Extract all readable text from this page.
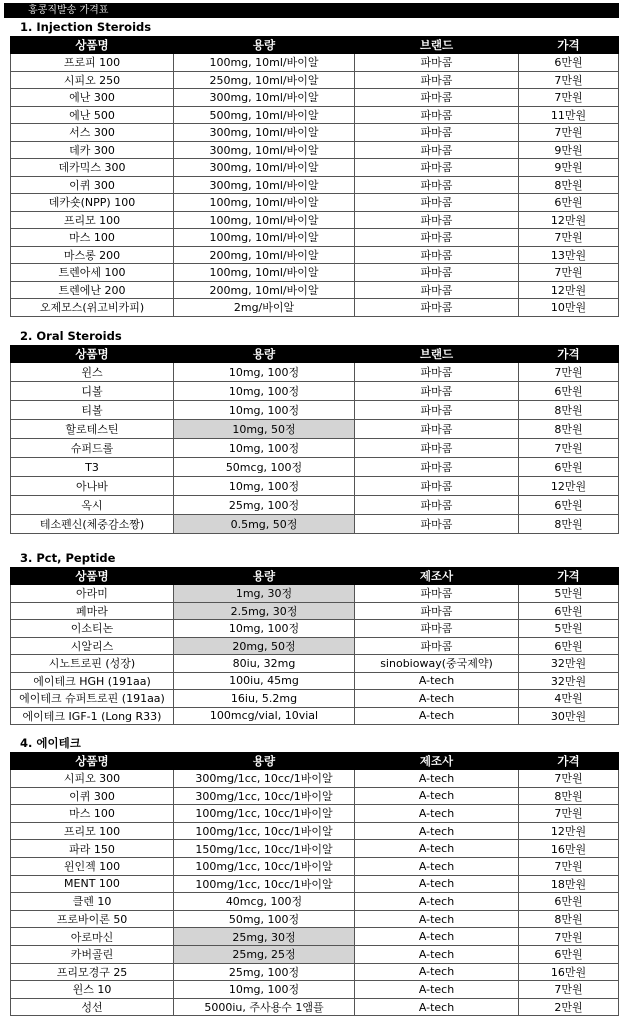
홍콩직발송 가격표
1. Injection Steroids
상품명	용량	브랜드	가격
프로피 100	100mg, 10ml/바이알	파마콤	6만원
시피오 250	250mg, 10ml/바이알	파마콤	7만원
에난 300	300mg, 10ml/바이알	파마콤	7만원
에난 500	500mg, 10ml/바이알	파마콤	11만원
서스 300	300mg, 10ml/바이알	파마콤	7만원
데카 300	300mg, 10ml/바이알	파마콤	9만원
데카믹스 300	300mg, 10ml/바이알	파마콤	9만원
이퀴 300	300mg, 10ml/바이알	파마콤	8만원
데카숏(NPP) 100	100mg, 10ml/바이알	파마콤	6만원
프리모 100	100mg, 10ml/바이알	파마콤	12만원
마스 100	100mg, 10ml/바이알	파마콤	7만원
마스롱 200	200mg, 10ml/바이알	파마콤	13만원
트렌아세 100	100mg, 10ml/바이알	파마콤	7만원
트렌에난 200	200mg, 10ml/바이알	파마콤	12만원
오제모스(위고비카피)	2mg/바이알	파마콤	10만원
2. Oral Steroids
상품명	용량	브랜드	가격
윈스	10mg, 100정	파마콤	7만원
디볼	10mg, 100정	파마콤	6만원
티볼	10mg, 100정	파마콤	8만원
할로테스틴	10mg, 50정	파마콤	8만원
슈퍼드롤	10mg, 100정	파마콤	7만원
T3	50mcg, 100정	파마콤	6만원
아나바	10mg, 100정	파마콤	12만원
옥시	25mg, 100정	파마콤	6만원
테소펜신(체중감소짱)	0.5mg, 50정	파마콤	8만원
3. Pct, Peptide
상품명	용량	제조사	가격
아라미	1mg, 30정	파마콤	5만원
페마라	2.5mg, 30정	파마콤	6만원
이소티논	10mg, 100정	파마콤	5만원
시알리스	20mg, 50정	파마콤	6만원
시노트로핀 (성장)	80iu, 32mg	sinobioway(중국제약)	32만원
에이테크 HGH (191aa)	100iu, 45mg	A-tech	32만원
에이테크 슈퍼트로핀 (191aa)	16iu, 5.2mg	A-tech	4만원
에이테크 IGF-1 (Long R33)	100mcg/vial, 10vial	A-tech	30만원
4. 에이테크
상품명	용량	제조사	가격
시피오 300	300mg/1cc, 10cc/1바이알	A-tech	7만원
이퀴 300	300mg/1cc, 10cc/1바이알	A-tech	8만원
마스 100	100mg/1cc, 10cc/1바이알	A-tech	7만원
프리모 100	100mg/1cc, 10cc/1바이알	A-tech	12만원
파라 150	150mg/1cc, 10cc/1바이알	A-tech	16만원
윈인젝 100	100mg/1cc, 10cc/1바이알	A-tech	7만원
MENT 100	100mg/1cc, 10cc/1바이알	A-tech	18만원
클렌 10	40mcg, 100정	A-tech	6만원
프로바이론 50	50mg, 100정	A-tech	8만원
아로마신	25mg, 30정	A-tech	7만원
카버골린	25mg, 25정	A-tech	6만원
프리모경구 25	25mg, 100정	A-tech	16만원
윈스 10	10mg, 100정	A-tech	7만원
성선	5000iu, 주사용수 1앰플	A-tech	2만원
